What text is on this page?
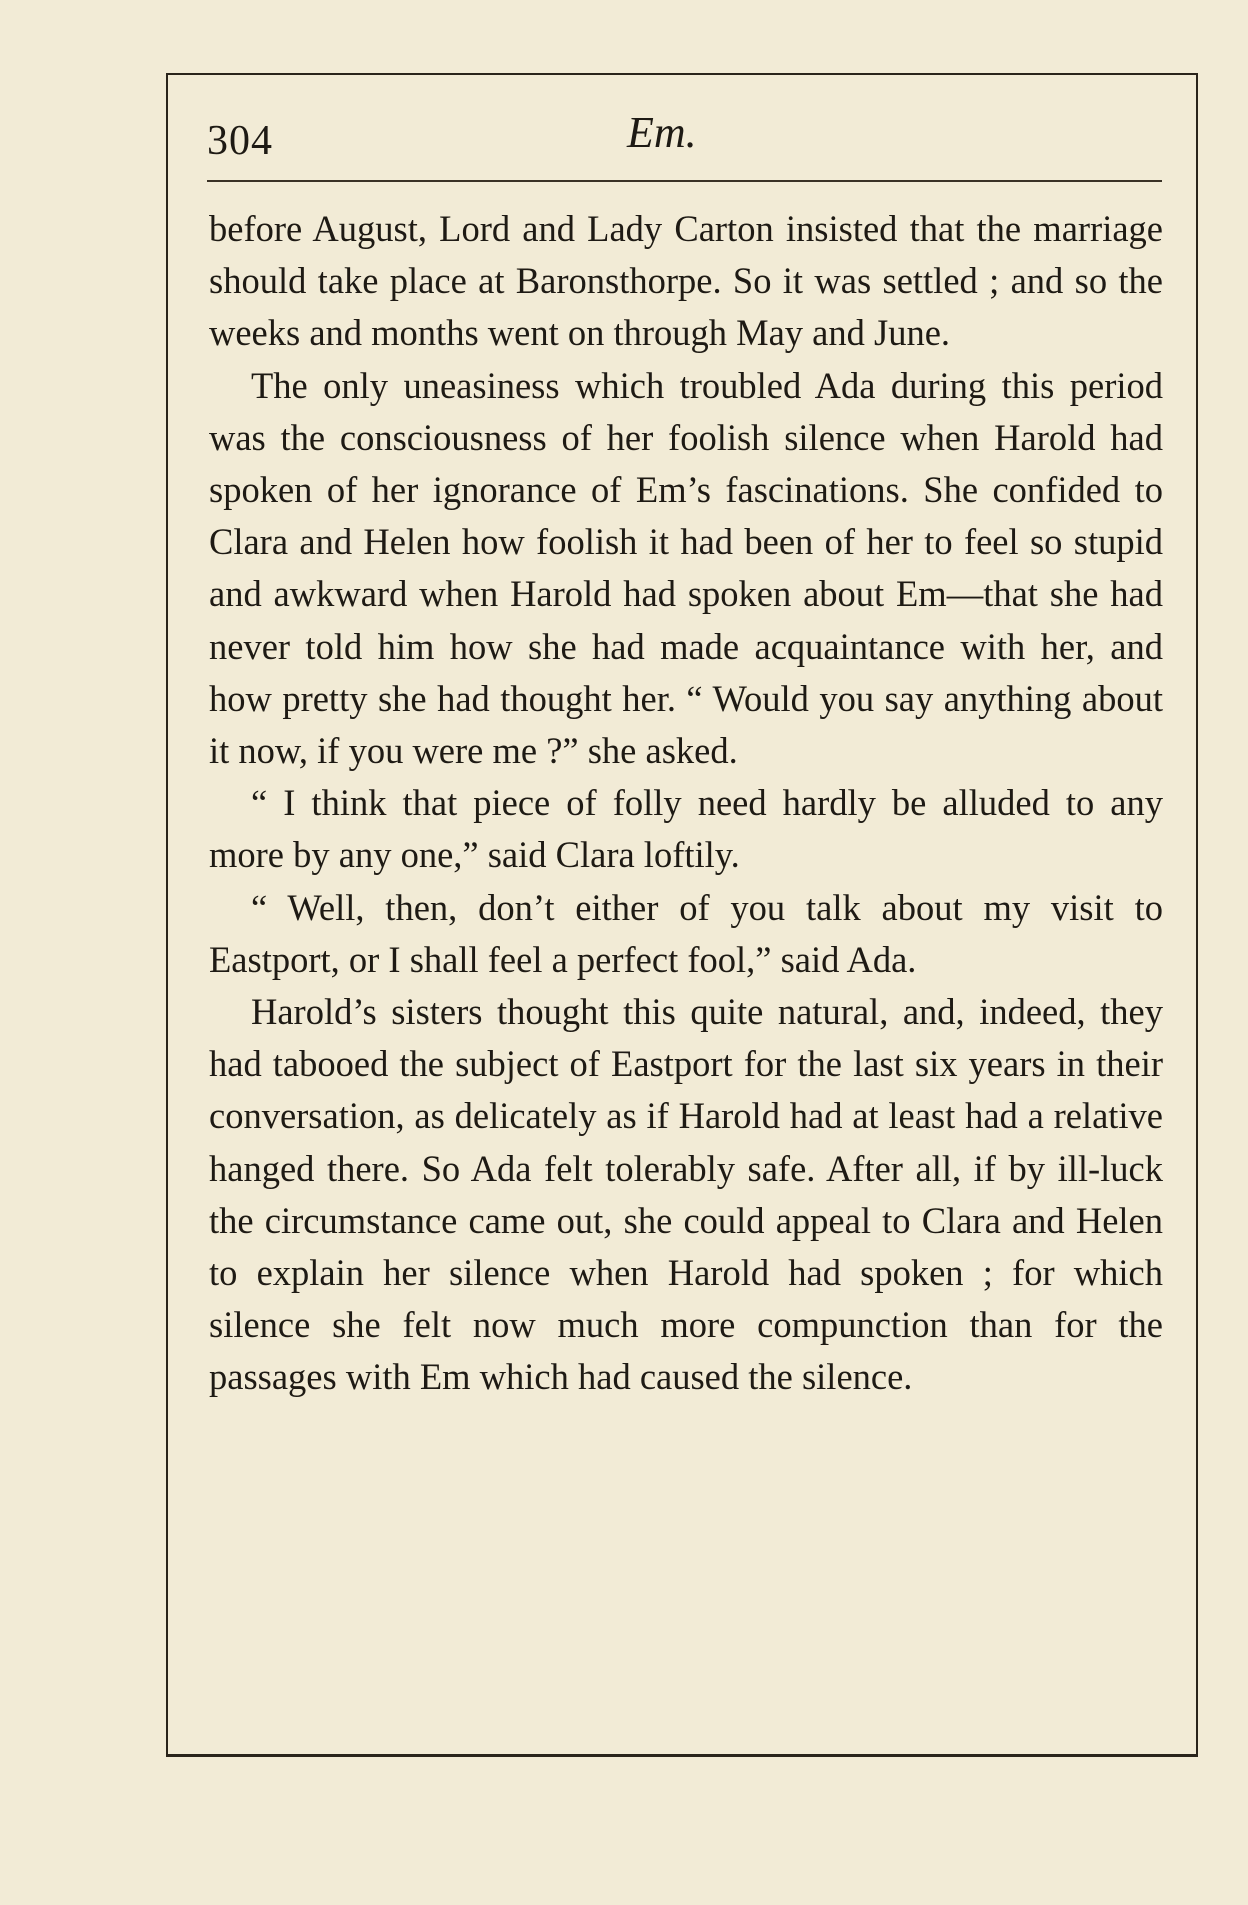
304	Em.

before August, Lord and Lady Carton insisted that the marriage should take place at Baronsthorpe. So it was settled ; and so the weeks and months went on through May and June.

The only uneasiness which troubled Ada during this period was the consciousness of her foolish silence when Harold had spoken of her ignorance of Em’s fascinations. She confided to Clara and Helen how foolish it had been of her to feel so stupid and awkward when Harold had spoken about Em—that she had never told him how she had made acquaintance with her, and how pretty she had thought her. “ Would you say anything about it now, if you were me ?” she asked.

“ I think that piece of folly need hardly be alluded to any more by any one,” said Clara loftily.

“ Well, then, don’t either of you talk about my visit to Eastport, or I shall feel a perfect fool,” said Ada.

Harold’s sisters thought this quite natural, and, indeed, they had tabooed the subject of Eastport for the last six years in their conversation, as delicately as if Harold had at least had a relative hanged there. So Ada felt tolerably safe. After all, if by ill-luck the circumstance came out, she could appeal to Clara and Helen to explain her silence when Harold had spoken ; for which silence she felt now much more compunction than for the passages with Em which had caused the silence.
